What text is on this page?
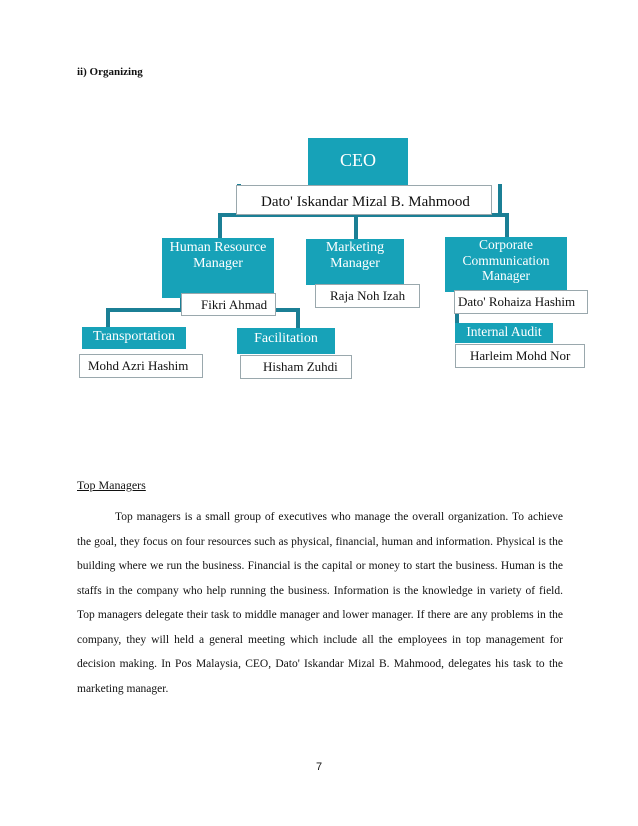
ii) Organizing
CEO
Dato' Iskandar Mizal B. Mahmood
Human Resource Manager
Fikri Ahmad
Marketing Manager
Raja Noh Izah
Corporate Communication Manager
Dato' Rohaiza Hashim
Transportation
Mohd Azri Hashim
Facilitation
Hisham Zuhdi
Internal Audit
Harleim Mohd Nor
Top Managers

Top managers is a small group of executives who manage the overall organization. To achieve the goal, they focus on four resources such as physical, financial, human and information. Physical is the building where we run the business. Financial is the capital or money to start the business. Human is the staffs in the company who help running the business. Information is the knowledge in variety of field. Top managers delegate their task to middle manager and lower manager. If there are any problems in the company, they will held a general meeting which include all the employees in top management for decision making. In Pos Malaysia, CEO, Dato' Iskandar Mizal B. Mahmood, delegates his task to the marketing manager.

7
